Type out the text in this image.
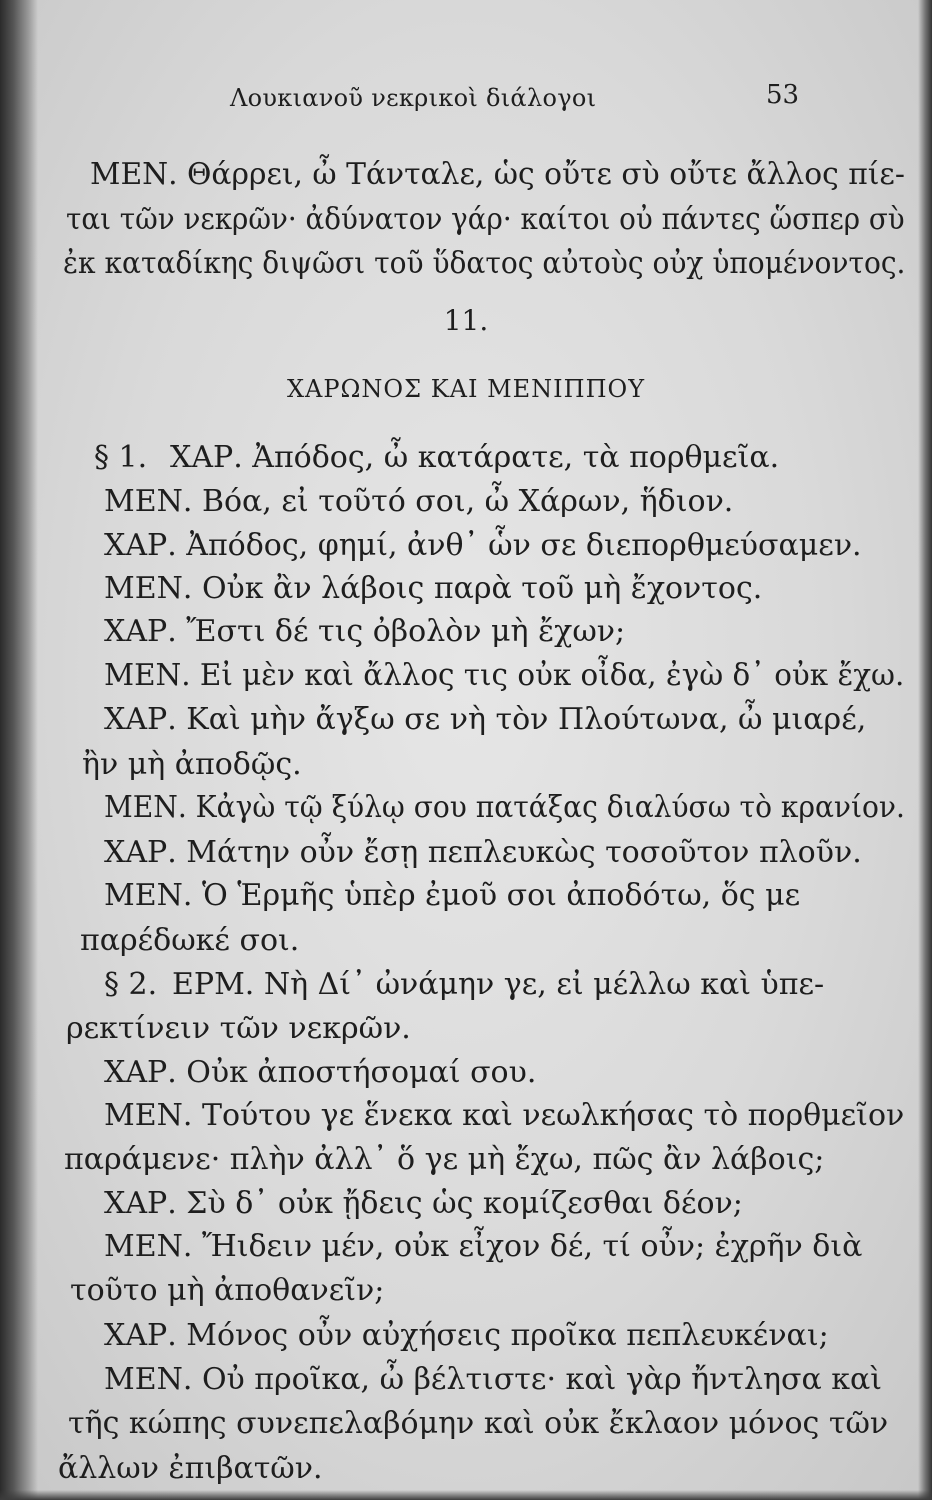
Λουκιανοῦ νεκρικοὶ διάλογοι	53
ΜΕΝ. Θάρρει, ὦ Τάνταλε, ὡς οὔτε σὺ οὔτε ἄλλος πίε-
ται τῶν νεκρῶν· ἀδύνατον γάρ· καίτοι οὐ πάντες ὥσπερ σὺ
ἐκ καταδίκης διψῶσι τοῦ ὕδατος αὐτοὺς οὐχ ὑπομένοντος.
11.
ΧΑΡΩΝΟΣ ΚΑΙ ΜΕΝΙΠΠΟΥ
§ 1. ΧΑΡ. Ἀπόδος, ὦ κατάρατε, τὰ πορθμεῖα.
ΜΕΝ. Βόα, εἰ τοῦτό σοι, ὦ Χάρων, ἥδιον.
ΧΑΡ. Ἀπόδος, φημί, ἀνθ᾽ ὧν σε διεπορθμεύσαμεν.
ΜΕΝ. Οὐκ ἂν λάβοις παρὰ τοῦ μὴ ἔχοντος.
ΧΑΡ. Ἔστι δέ τις ὀβολὸν μὴ ἔχων;
ΜΕΝ. Εἰ μὲν καὶ ἄλλος τις οὐκ οἶδα, ἐγὼ δ᾽ οὐκ ἔχω.
ΧΑΡ. Καὶ μὴν ἄγξω σε νὴ τὸν Πλούτωνα, ὦ μιαρέ,
ἢν μὴ ἀποδῷς.
ΜΕΝ. Κἀγὼ τῷ ξύλῳ σου πατάξας διαλύσω τὸ κρανίον.
ΧΑΡ. Μάτην οὖν ἔσῃ πεπλευκὼς τοσοῦτον πλοῦν.
ΜΕΝ. Ὁ Ἑρμῆς ὑπὲρ ἐμοῦ σοι ἀποδότω, ὅς με
παρέδωκέ σοι.
§ 2. ΕΡΜ. Νὴ Δί᾽ ὠνάμην γε, εἰ μέλλω καὶ ὑπε-
ρεκτίνειν τῶν νεκρῶν.
ΧΑΡ. Οὐκ ἀποστήσομαί σου.
ΜΕΝ. Τούτου γε ἕνεκα καὶ νεωλκήσας τὸ πορθμεῖον
παράμενε· πλὴν ἀλλ᾽ ὅ γε μὴ ἔχω, πῶς ἂν λάβοις;
ΧΑΡ. Σὺ δ᾽ οὐκ ᾔδεις ὡς κομίζεσθαι δέον;
ΜΕΝ. Ἤιδειν μέν, οὐκ εἶχον δέ, τί οὖν; ἐχρῆν διὰ
τοῦτο μὴ ἀποθανεῖν;
ΧΑΡ. Μόνος οὖν αὐχήσεις προῖκα πεπλευκέναι;
ΜΕΝ. Οὐ προῖκα, ὦ βέλτιστε· καὶ γὰρ ἤντλησα καὶ
τῆς κώπης συνεπελαβόμην καὶ οὐκ ἔκλαον μόνος τῶν
ἄλλων ἐπιβατῶν.
